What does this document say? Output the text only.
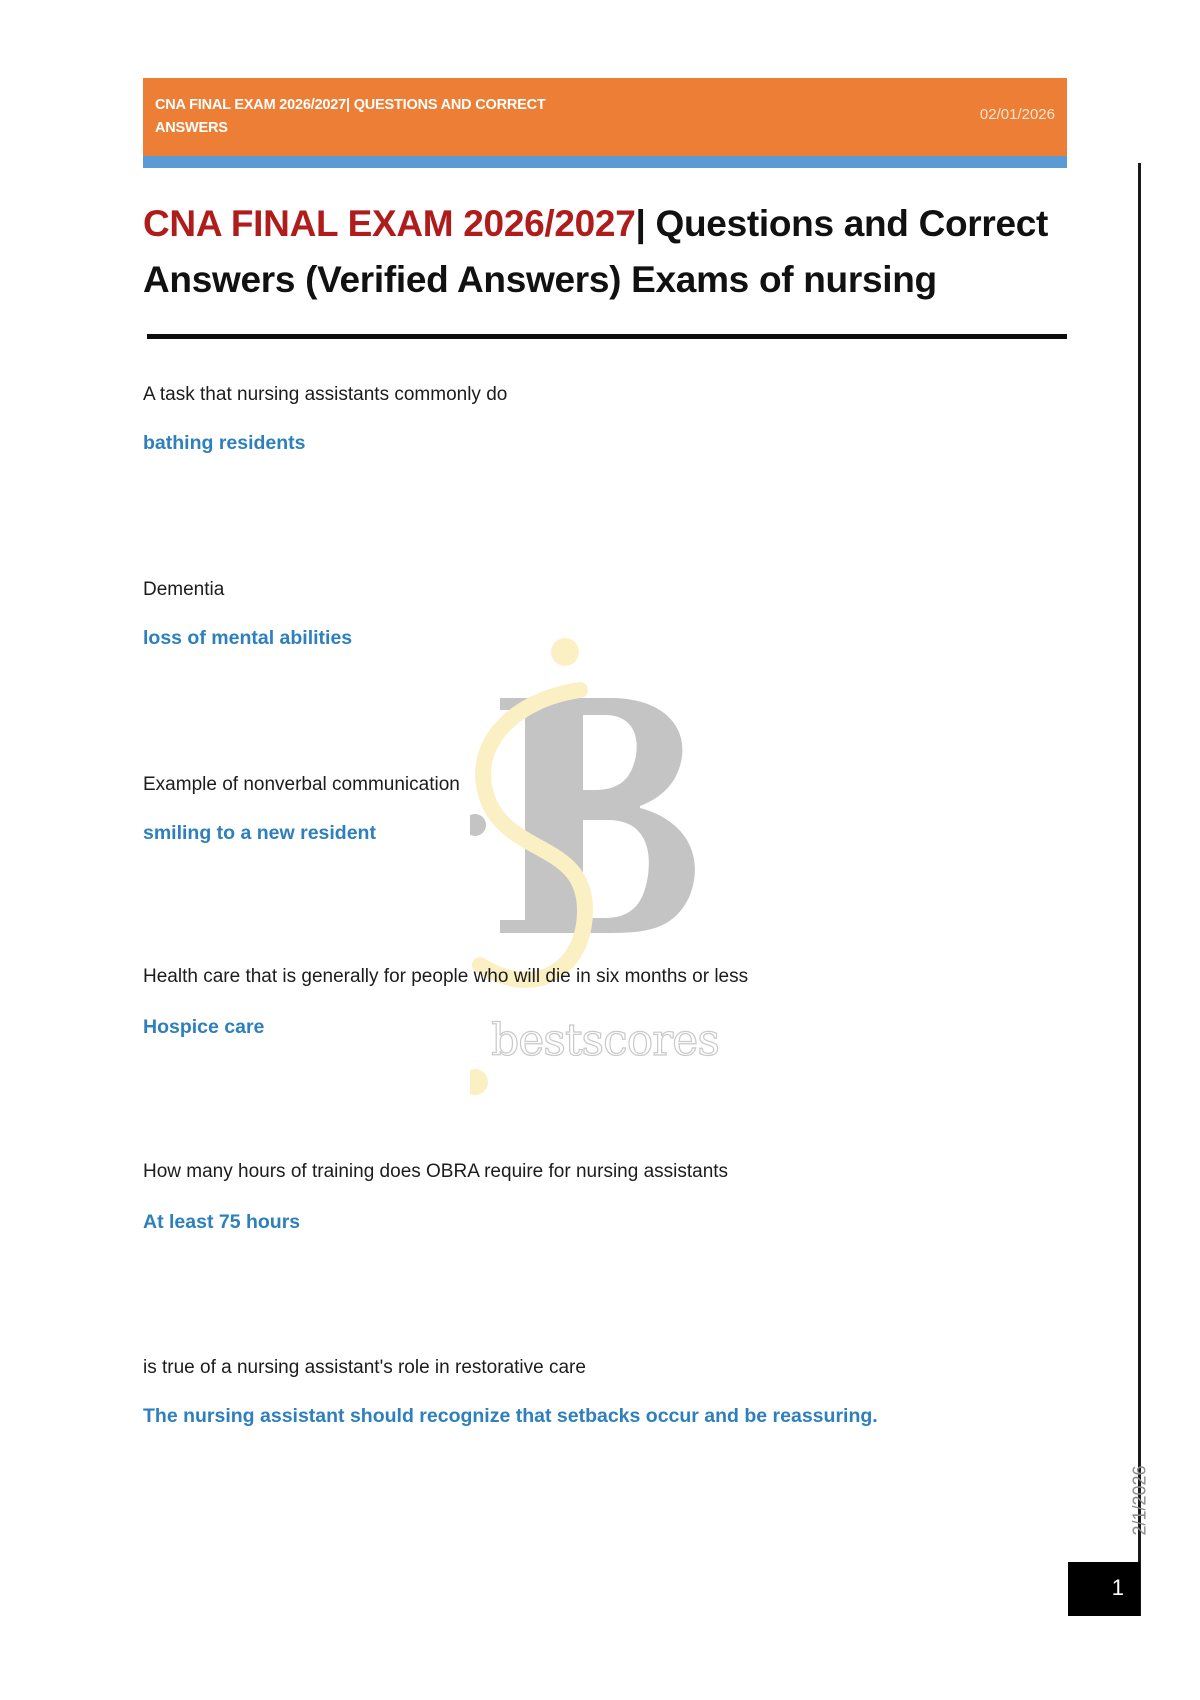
CNA FINAL EXAM 2026/2027| QUESTIONS AND CORRECT ANSWERS
02/01/2026
CNA FINAL EXAM 2026/2027| Questions and Correct Answers (Verified Answers) Exams of nursing
bestscores

A task that nursing assistants commonly do

bathing residents

Dementia

loss of mental abilities

Example of nonverbal communication

smiling to a new resident

Health care that is generally for people who will die in six months or less

Hospice care

How many hours of training does OBRA require for nursing assistants

At least 75 hours

is true of a nursing assistant's role in restorative care

The nursing assistant should recognize that setbacks occur and be reassuring.

2/1/2026
1
